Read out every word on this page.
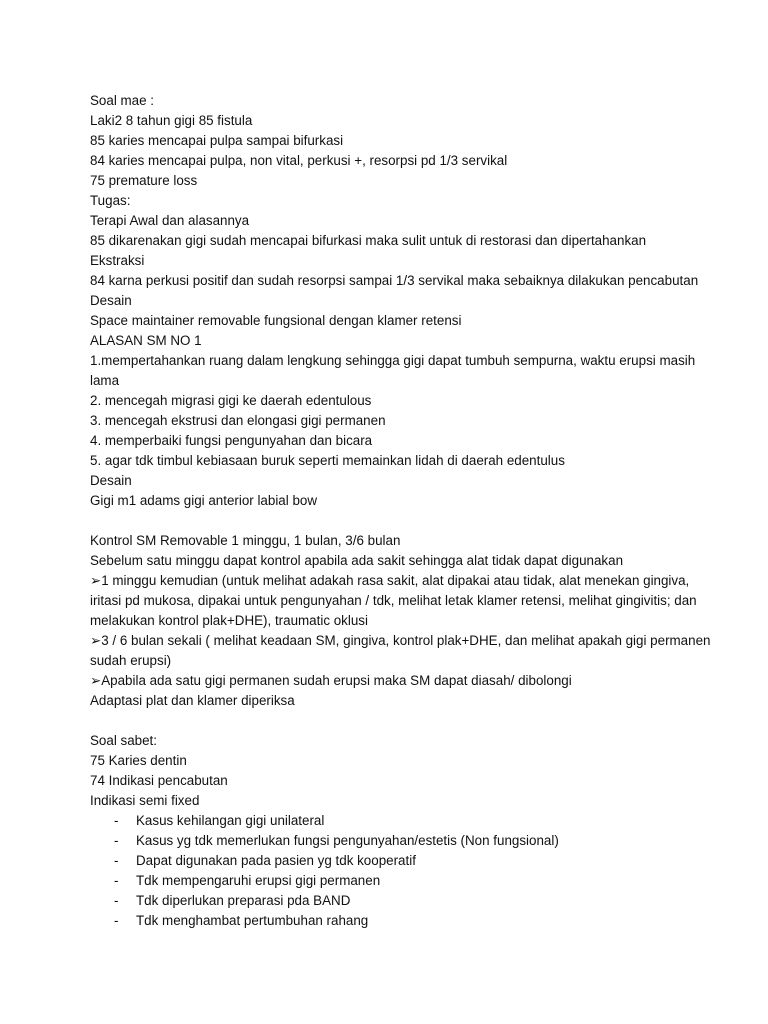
Soal mae :
Laki2 8 tahun gigi 85 fistula
85 karies mencapai pulpa sampai bifurkasi
84 karies mencapai pulpa, non vital, perkusi +, resorpsi pd 1/3 servikal
75 premature loss
Tugas:
Terapi Awal dan alasannya
85 dikarenakan gigi sudah mencapai bifurkasi maka sulit untuk di restorasi dan dipertahankan
Ekstraksi
84 karna perkusi positif dan sudah resorpsi sampai 1/3 servikal maka sebaiknya dilakukan pencabutan
Desain
Space maintainer removable fungsional dengan klamer retensi
ALASAN SM NO 1
1.mempertahankan ruang dalam lengkung sehingga gigi dapat tumbuh sempurna, waktu erupsi masih
lama
2. mencegah migrasi gigi ke daerah edentulous
3. mencegah ekstrusi dan elongasi gigi permanen
4. memperbaiki fungsi pengunyahan dan bicara
5. agar tdk timbul kebiasaan buruk seperti memainkan lidah di daerah edentulus
Desain
Gigi m1 adams gigi anterior labial bow
Kontrol SM Removable 1 minggu, 1 bulan, 3/6 bulan
Sebelum satu minggu dapat kontrol apabila ada sakit sehingga alat tidak dapat digunakan
➢1 minggu kemudian (untuk melihat adakah rasa sakit, alat dipakai atau tidak, alat menekan gingiva,
iritasi pd mukosa, dipakai untuk pengunyahan / tdk, melihat letak klamer retensi, melihat gingivitis; dan
melakukan kontrol plak+DHE), traumatic oklusi
➢3 / 6 bulan sekali ( melihat keadaan SM, gingiva, kontrol plak+DHE, dan melihat apakah gigi permanen
sudah erupsi)
➢Apabila ada satu gigi permanen sudah erupsi maka SM dapat diasah/ dibolongi
Adaptasi plat dan klamer diperiksa
Soal sabet:
75 Karies dentin
74 Indikasi pencabutan
Indikasi semi fixed
-	Kasus kehilangan gigi unilateral
-	Kasus yg tdk memerlukan fungsi pengunyahan/estetis (Non fungsional)
-	Dapat digunakan pada pasien yg tdk kooperatif
-	Tdk mempengaruhi erupsi gigi permanen
-	Tdk diperlukan preparasi pda BAND
-	Tdk menghambat pertumbuhan rahang
